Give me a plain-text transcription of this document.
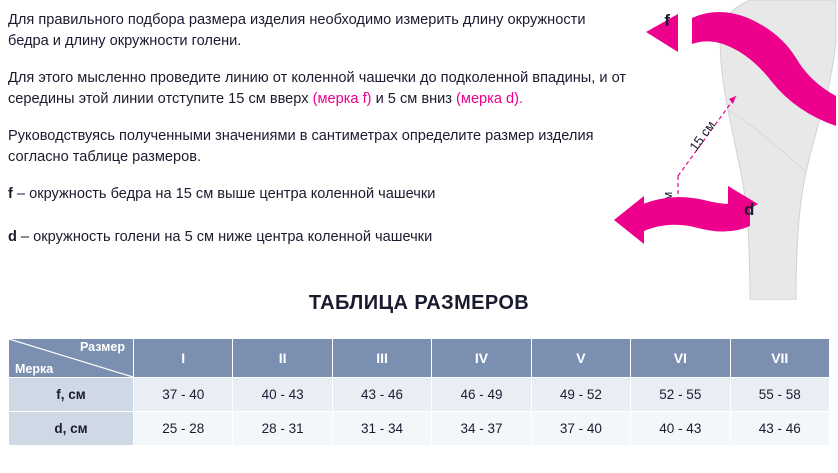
Для правильного подбора размера изделия необходимо измерить длину окружности бедра и длину окружности голени.

Для этого мысленно проведите линию от коленной чашечки до подколенной впадины, и от середины этой линии отступите 15 см вверх (мерка f) и 5 см вниз (мерка d).

Руководствуясь полученными значениями в сантиметрах определите размер изделия согласно таблице размеров.

f – окружность бедра на 15 см выше центра коленной чашечки

d – окружность голени на 5 см ниже центра коленной чашечки

15 см
f
d
ТАБЛИЦА РАЗМЕРОВ
Размер
Мерка	I	II	III	IV	V	VI	VII
f, см	37 - 40	40 - 43	43 - 46	46 - 49	49 - 52	52 - 55	55 - 58
d, см	25 - 28	28 - 31	31 - 34	34 - 37	37 - 40	40 - 43	43 - 46
